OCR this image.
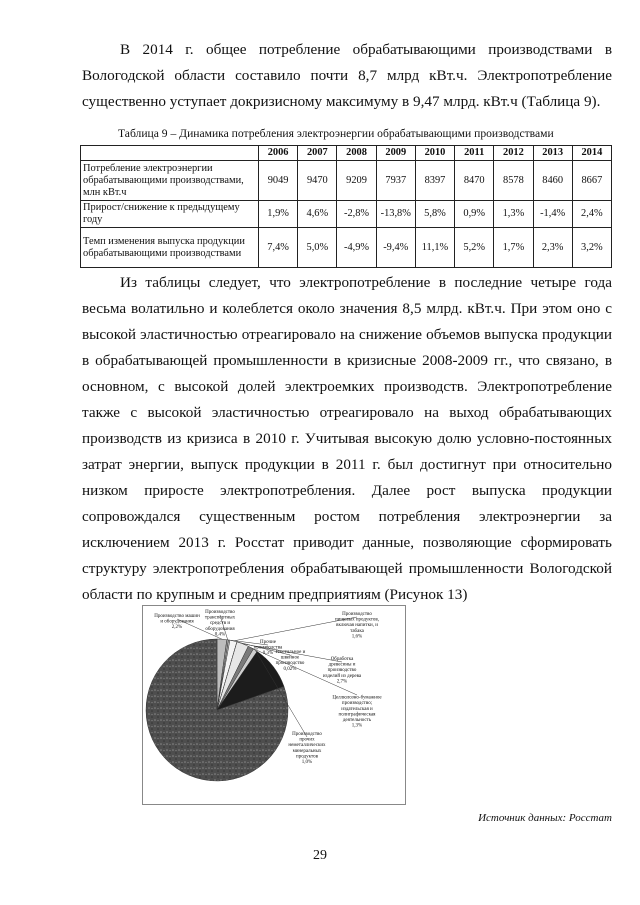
В 2014 г. общее потребление обрабатывающими производствами в Вологодской области составило почти 8,7 млрд кВт.ч. Электропотребление существенно уступает докризисному максимуму в 9,47 млрд. кВт.ч (Таблица 9).

Таблица 9 – Динамика потребления электроэнергии обрабатывающими производствами
	2006	2007	2008	2009	2010	2011	2012	2013	2014
Потребление электроэнергии обрабатывающими производствами, млн кВт.ч	9049	9470	9209	7937	8397	8470	8578	8460	8667
Прирост/снижение к предыдущему году	1,9%	4,6%	-2,8%	-13,8%	5,8%	0,9%	1,3%	-1,4%	2,4%
Темп изменения выпуска продукции обрабатывающими производствами	7,4%	5,0%	-4,9%	-9,4%	11,1%	5,2%	1,7%	2,3%	3,2%

Из таблицы следует, что электропотребление в последние четыре года весьма волатильно и колеблется около значения 8,5 млрд. кВт.ч. При этом оно с высокой эластичностью отреагировало на снижение объемов выпуска продукции в обрабатывающей промышленности в кризисные 2008-2009 гг., что связано, в основном, с высокой долей электроемких производств. Электропотребление также с высокой эластичностью отреагировало на выход обрабатывающих производств из кризиса в 2010 г. Учитывая высокую долю условно-постоянных затрат энергии, выпуск продукции в 2011 г. был достигнут при относительно низком приросте электропотребления. Далее рост выпуска продукции сопровождался существенным ростом потребления электроэнергии за исключением 2013 г. Росстат приводит данные, позволяющие сформировать структуру электропотребления обрабатывающей промышленности Вологодской области по крупным и средним предприятиям (Рисунок 13)

Производство машин и оборудования 2,2%
Производство транспортных средств и оборудования 0,4%
Прочие производства 0,3%
Производство пищевых продуктов, включая напитки, и табака 1,6%
Текстильное и швейное производство 0,02%
Обработка древесины и производство изделий из дерева 2,7%
Целлюлозно-бумажное производство; издательская и полиграфическая деятельность 1,3%
Производство прочих неметаллических минеральных продуктов 1,0%
Источник данных: Росстат
29
